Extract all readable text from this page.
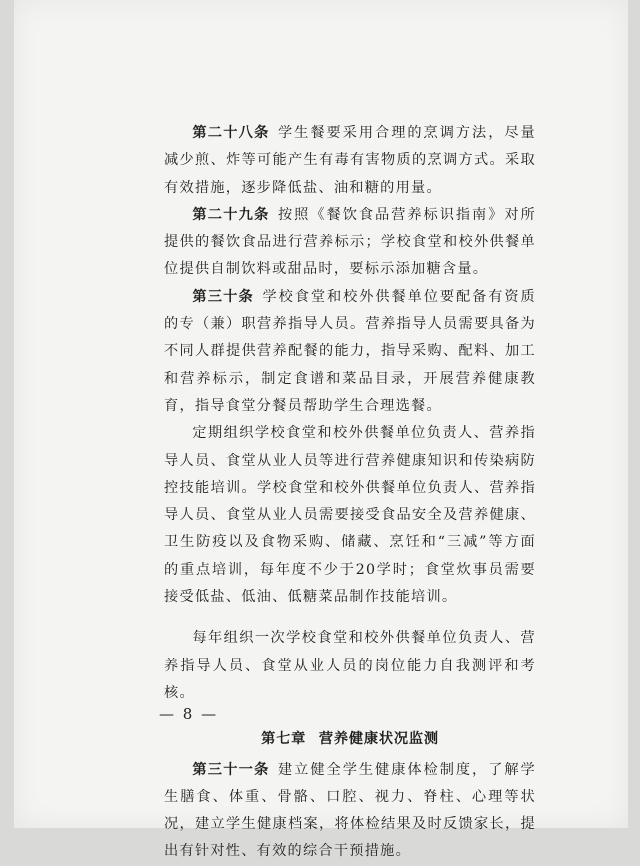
第二十八条 学生餐要采用合理的烹调方法，尽量减少煎、炸等可能产生有毒有害物质的烹调方式。采取有效措施，逐步降低盐、油和糖的用量。

第二十九条 按照《餐饮食品营养标识指南》对所提供的餐饮食品进行营养标示；学校食堂和校外供餐单位提供自制饮料或甜品时，要标示添加糖含量。

第三十条 学校食堂和校外供餐单位要配备有资质的专（兼）职营养指导人员。营养指导人员需要具备为不同人群提供营养配餐的能力，指导采购、配料、加工和营养标示，制定食谱和菜品目录，开展营养健康教育，指导食堂分餐员帮助学生合理选餐。

定期组织学校食堂和校外供餐单位负责人、营养指导人员、食堂从业人员等进行营养健康知识和传染病防控技能培训。学校食堂和校外供餐单位负责人、营养指导人员、食堂从业人员需要接受食品安全及营养健康、卫生防疫以及食物采购、储藏、烹饪和“三减”等方面的重点培训，每年度不少于20学时；食堂炊事员需要接受低盐、低油、低糖菜品制作技能培训。

每年组织一次学校食堂和校外供餐单位负责人、营养指导人员、食堂从业人员的岗位能力自我测评和考核。

第七章 营养健康状况监测

第三十一条 建立健全学生健康体检制度，了解学生膳食、体重、骨骼、口腔、视力、脊柱、心理等状况，建立学生健康档案，将体检结果及时反馈家长，提出有针对性、有效的综合干预措施。

— 8 —
